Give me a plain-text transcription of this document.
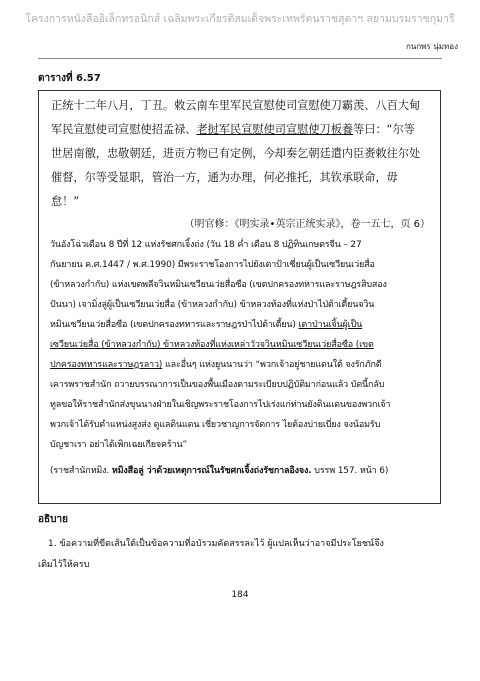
โครงการหนังสืออิเล็กทรอนิกส์ เฉลิมพระเกียรติสมเด็จพระเทพรัตนราชสุดาฯ สยามบรมราชกุมารี
กนกพร นุ่มทอง
ตารางที่ 6.57
正统十二年八月，丁丑。敕云南车里军民宣慰使司宣慰使刀霸羡、八百大甸
军民宣慰使司宣慰使招孟禄、老挝军民宣慰使司宣慰使刀板養等曰：“尔等
世居南徼，忠敬朝廷，进贡方物已有定例，今却奏乞朝廷遣内臣赉敕往尔处
催督，尔等受显职，管治一方，通为办理，何必推托，其钦承联命，毋
怠！”
（明官修：《明实录•英宗正统实录》，卷一五七，页 6）
วันอังโฉ่วเดือน 8 ปีที่ 12 แห่งรัชศกเจิ้งถ่ง (วัน 18 ค่ำ เดือน 8 ปฏิทินเกษตรจีน – 27
กันยายน ค.ศ.1447 / พ.ศ.1990) มีพระราชโองการไปยังเตาป้าเซี่ยนผู้เป็นเซวียนเว่ยสื่อ
(ข้าหลวงกำกับ) แห่งเขตพลีจวินหมินเซวียนเว่ยสื่อซือ (เขตปกครองทหารและราษฎรสิบสอง
ปันนา) เจามิ่งลู่ผู้เป็นเซวียนเว่ยสื่อ (ข้าหลวงกำกับ) ข้าหลวงท้องที่แห่งป่าไป่ต้าเตี้ยนจวิน
หมินเซวียนเว่ยสื่อซือ (เขตปกครองทหารและราษฎรป่าไป่ต้าเตี้ยน) เตาป่านเจิ้นผู้เป็น
เซวียนเว่ยสื่อ (ข้าหลวงกำกับ) ข้าหลวงท้องที่แห่งเหล่าวัวจวินหมินเซวียนเว่ยสื่อซือ (เขต
ปกครองทหารและราษฎรลาว) และอื่นๆ แห่งยูนนานว่า “พวกเจ้าอยู่ชายแดนใต้ จงรักภักดี
เคารพราชสำนัก ถวายบรรณาการเป็นของพื้นเมืองตามระเบียบปฏิบัติมาก่อนแล้ว บัดนี้กลับ
ทูลขอให้ราชสำนักส่งขุนนางฝ่ายในเชิญพระราชโองการไปเร่งแก่ท่านยังดินแดนของพวกเจ้า
พวกเจ้าได้รับตำแหน่งสูงส่ง ดูแลดินแดน เชี่ยวชาญการจัดการ ไยต้องบ่ายเบี่ยง จงน้อมรับ
บัญชาเรา อย่าได้เพิกเฉยเกียจคร้าน”
(ราชสำนักหมิง. หมิงสือลู่ ว่าด้วยเหตุการณ์ในรัชศกเจิ้งถ่งรัชกาลอิงจง. บรรพ 157. หน้า 6)
อธิบาย
1. ข้อความที่ขีดเส้นใต้เป็นข้อความที่อบัรวมคัดสรรละไว้ ผู้แปลเห็นว่าอาจมีประโยชน์จึง
เติมไว้ให้ครบ
184
